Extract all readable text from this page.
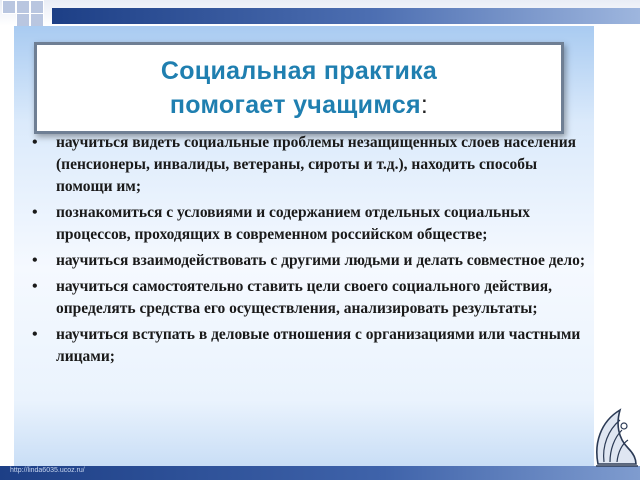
Социальная практика
помогает учащимся:
• научиться видеть социальные проблемы незащищенных слоев населения (пенсионеры, инвалиды, ветераны, сироты и т.д.), находить способы помощи им;
• познакомиться с условиями и содержанием отдельных социальных процессов, проходящих в современном российском обществе;
• научиться взаимодействовать с другими людьми и делать совместное дело;
• научиться самостоятельно ставить цели своего социального действия, определять средства его осуществления, анализировать результаты;
• научиться вступать в деловые отношения с организациями или частными лицами;
http://linda6035.ucoz.ru/
